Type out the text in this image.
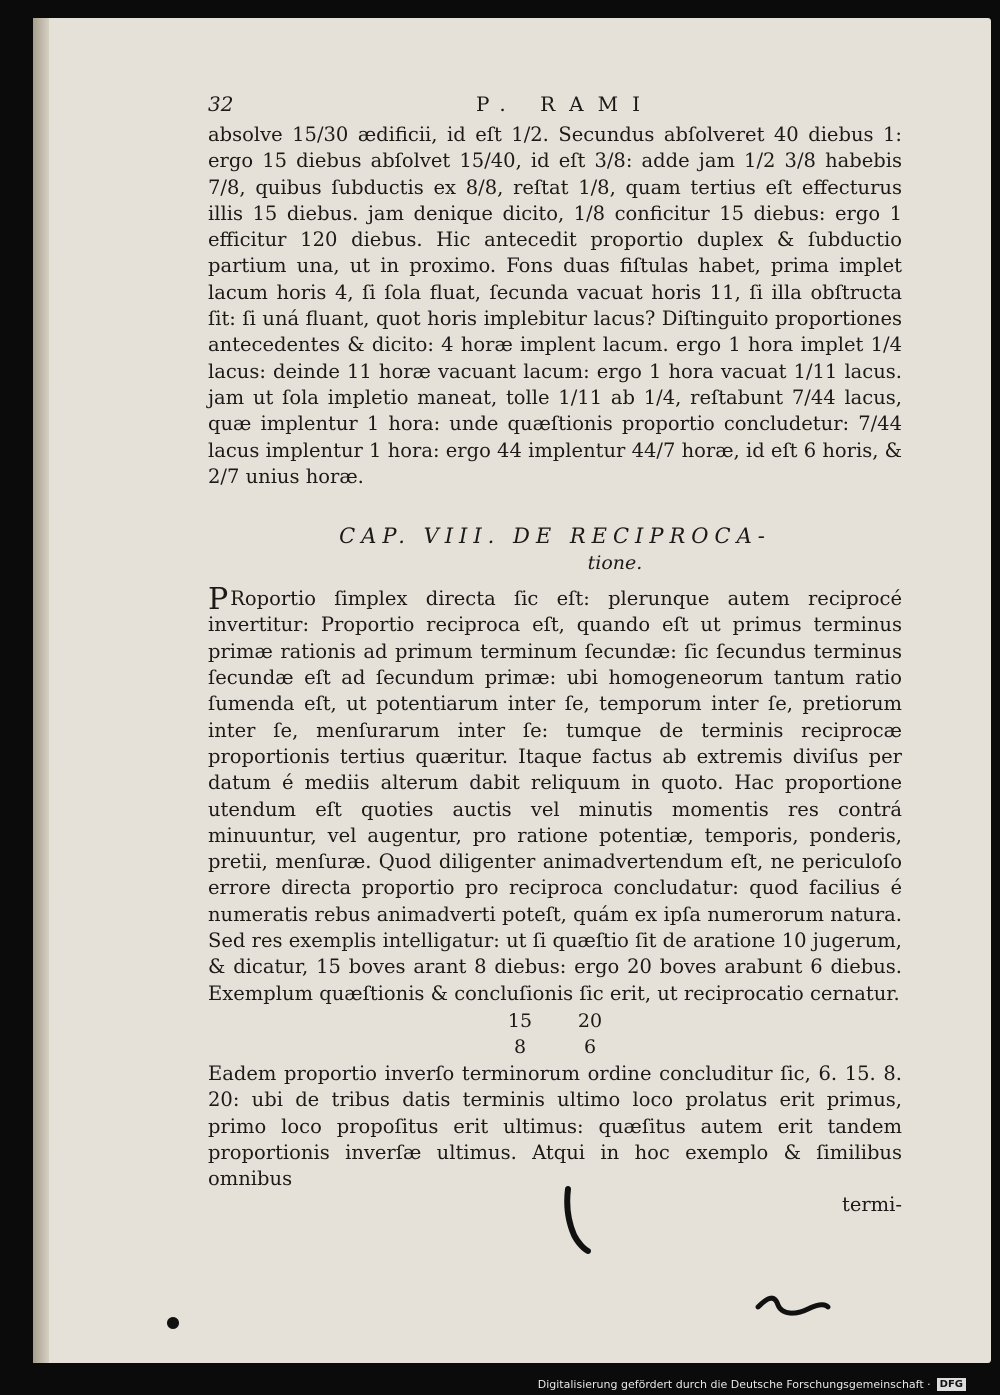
32	P. RAMI

absolve 15/30 ædificii, id eſt 1/2. Secundus abſolveret 40 diebus 1: ergo 15 diebus abſolvet 15/40, id eſt 3/8: adde jam 1/2 3/8 habebis 7/8, quibus ſubductis ex 8/8, reſtat 1/8, quam tertius eſt effecturus illis 15 diebus. jam denique dicito, 1/8 conficitur 15 diebus: ergo 1 efficitur 120 diebus. Hic antecedit proportio duplex & ſubductio partium una, ut in proximo. Fons duas fiſtulas habet, prima implet lacum horis 4, ſi ſola fluat, ſecunda vacuat horis 11, ſi illa obſtructa ſit: ſi uná fluant, quot horis implebitur lacus? Diſtinguito proportiones antecedentes & dicito: 4 horæ implent lacum. ergo 1 hora implet 1/4 lacus: deinde 11 horæ vacuant lacum: ergo 1 hora vacuat 1/11 lacus. jam ut ſola impletio maneat, tolle 1/11 ab 1/4, reſtabunt 7/44 lacus, quæ implentur 1 hora: unde quæſtionis proportio concludetur: 7/44 lacus implentur 1 hora: ergo 44 implentur 44/7 horæ, id eſt 6 horis, & 2/7 unius horæ.

CAP. VIII. DE RECIPROCA-
tione.

P Roportio ſimplex directa ſic eſt: plerunque autem reciprocé invertitur: Proportio reciproca eſt, quando eſt ut primus terminus primæ rationis ad primum terminum ſecundæ: ſic ſecundus terminus ſecundæ eſt ad ſecundum primæ: ubi homogeneorum tantum ratio ſumenda eſt, ut potentiarum inter ſe, temporum inter ſe, pretiorum inter ſe, menſurarum inter ſe: tumque de terminis reciprocæ proportionis tertius quæritur. Itaque factus ab extremis diviſus per datum é mediis alterum dabit reliquum in quoto. Hac proportione utendum eſt quoties auctis vel minutis momentis res contrá minuuntur, vel augentur, pro ratione potentiæ, temporis, ponderis, pretii, menſuræ. Quod diligenter animadvertendum eſt, ne periculoſo errore directa proportio pro reciproca concludatur: quod facilius é numeratis rebus animadverti poteſt, quám ex ipſa numerorum natura. Sed res exemplis intelligatur: ut ſi quæſtio ſit de aratione 10 jugerum, & dicatur, 15 boves arant 8 diebus: ergo 20 boves arabunt 6 diebus. Exemplum quæſtionis & concluſionis ſic erit, ut reciprocatio cernatur.

15 20
8	6

Eadem proportio inverſo terminorum ordine concluditur ſic, 6. 15. 8. 20: ubi de tribus datis terminis ultimo loco prolatus erit primus, primo loco propoſitus erit ultimus: quæſitus autem erit tandem proportionis inverſæ ultimus. Atqui in hoc exemplo & ſimilibus omnibus

termi-
Digitalisierung gefördert durch die Deutsche Forschungsgemeinschaft · DFG
